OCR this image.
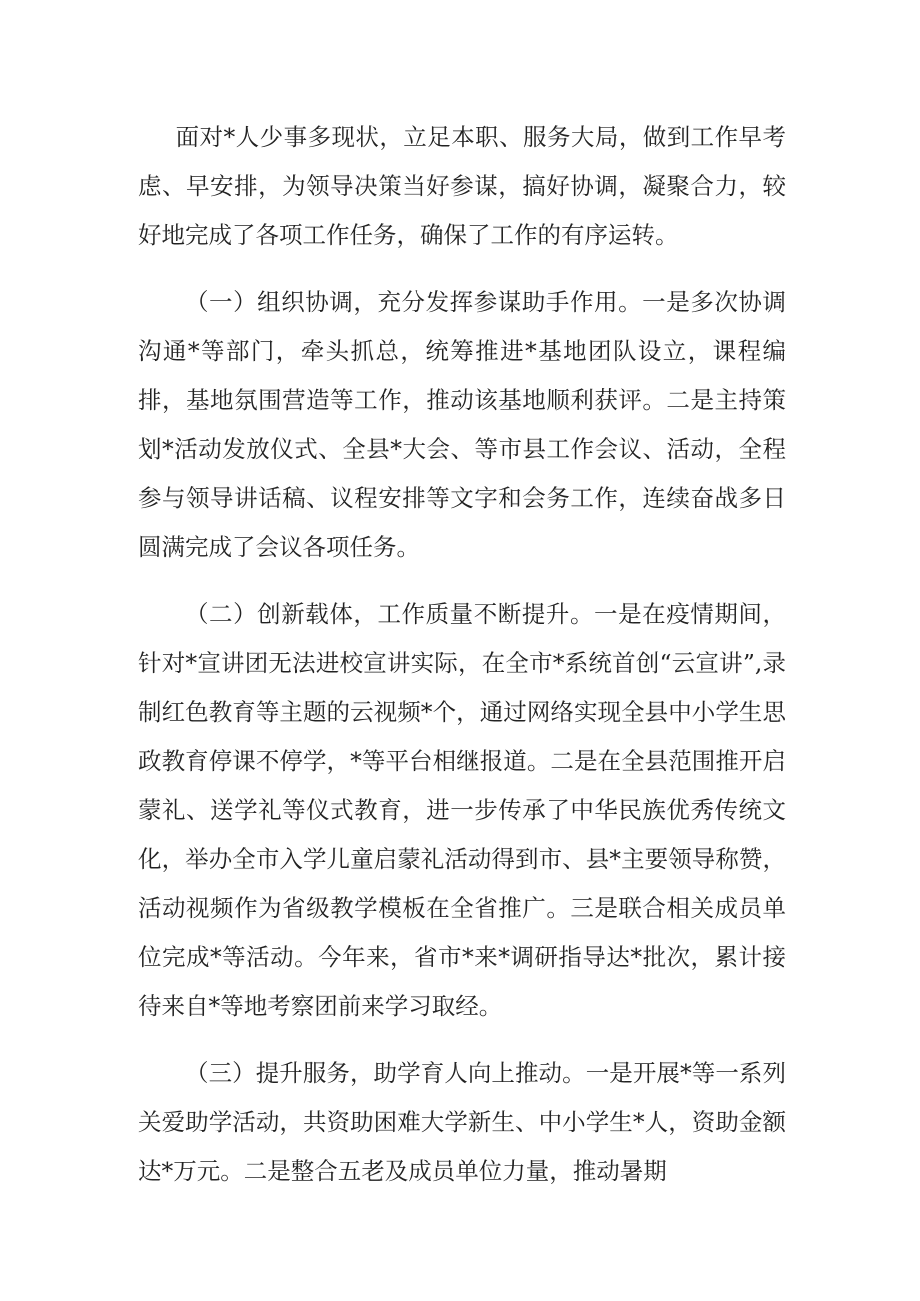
面对*人少事多现状，立足本职、服务大局，做到工作早考虑、早安排，为领导决策当好参谋，搞好协调，凝聚合力，较好地完成了各项工作任务，确保了工作的有序运转。

（一）组织协调，充分发挥参谋助手作用。一是多次协调沟通*等部门，牵头抓总，统筹推进*基地团队设立，课程编排，基地氛围营造等工作，推动该基地顺利获评。二是主持策划*活动发放仪式、全县*大会、等市县工作会议、活动，全程参与领导讲话稿、议程安排等文字和会务工作，连续奋战多日圆满完成了会议各项任务。

（二）创新载体，工作质量不断提升。一是在疫情期间，针对*宣讲团无法进校宣讲实际，在全市*系统首创“云宣讲”,录制红色教育等主题的云视频*个，通过网络实现全县中小学生思政教育停课不停学，*等平台相继报道。二是在全县范围推开启蒙礼、送学礼等仪式教育，进一步传承了中华民族优秀传统文化，举办全市入学儿童启蒙礼活动得到市、县*主要领导称赞，活动视频作为省级教学模板在全省推广。三是联合相关成员单位完成*等活动。今年来，省市*来*调研指导达*批次，累计接待来自*等地考察团前来学习取经。

（三）提升服务，助学育人向上推动。一是开展*等一系列关爱助学活动，共资助困难大学新生、中小学生*人，资助金额达*万元。二是整合五老及成员单位力量，推动暑期
